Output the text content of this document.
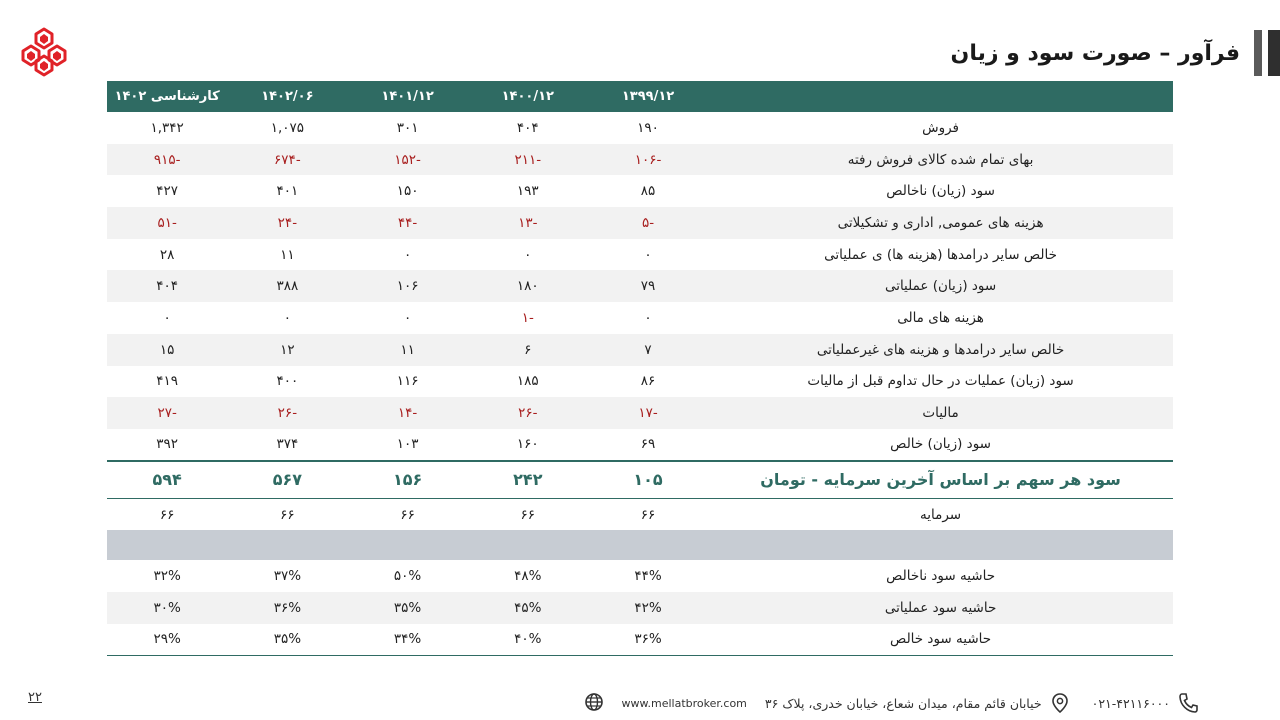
فرآور – صورت سود و زیان
	۱۳۹۹/۱۲	۱۴۰۰/۱۲	۱۴۰۱/۱۲	۱۴۰۲/۰۶	کارشناسی ۱۴۰۲
فروش	۱۹۰	۴۰۴	۳۰۱	۱,۰۷۵	۱,۳۴۲
بهای تمام شده کالای فروش رفته	-۱۰۶	-۲۱۱	-۱۵۲	-۶۷۴	-۹۱۵
سود (زیان) ناخالص	۸۵	۱۹۳	۱۵۰	۴۰۱	۴۲۷
هزینه های عمومی, اداری و تشکیلاتی	-۵	-۱۳	-۴۴	-۲۴	-۵۱
خالص سایر درامدها (هزینه ها) ی عملیاتی	۰	۰	۰	۱۱	۲۸
سود (زیان) عملیاتی	۷۹	۱۸۰	۱۰۶	۳۸۸	۴۰۴
هزینه های مالی	۰	-۱	۰	۰	۰
خالص سایر درامدها و هزینه های غیرعملیاتی	۷	۶	۱۱	۱۲	۱۵
سود (زیان) عملیات در حال تداوم قبل از مالیات	۸۶	۱۸۵	۱۱۶	۴۰۰	۴۱۹
مالیات	-۱۷	-۲۶	-۱۴	-۲۶	-۲۷
سود (زیان) خالص	۶۹	۱۶۰	۱۰۳	۳۷۴	۳۹۲
سود هر سهم بر اساس آخرین سرمایه - تومان	۱۰۵	۲۴۲	۱۵۶	۵۶۷	۵۹۴
سرمایه	۶۶	۶۶	۶۶	۶۶	۶۶

حاشیه سود ناخالص	۴۴%	۴۸%	۵۰%	۳۷%	۳۲%
حاشیه سود عملیاتی	۴۲%	۴۵%	۳۵%	۳۶%	۳۰%
حاشیه سود خالص	۳۶%	۴۰%	۳۴%	۳۵%	۲۹%
۲۲	۰۲۱-۴۲۱۱۶۰۰۰
خیابان قائم مقام، میدان شعاع، خیابان خدری، پلاک ۳۶
www.mellatbroker.com
